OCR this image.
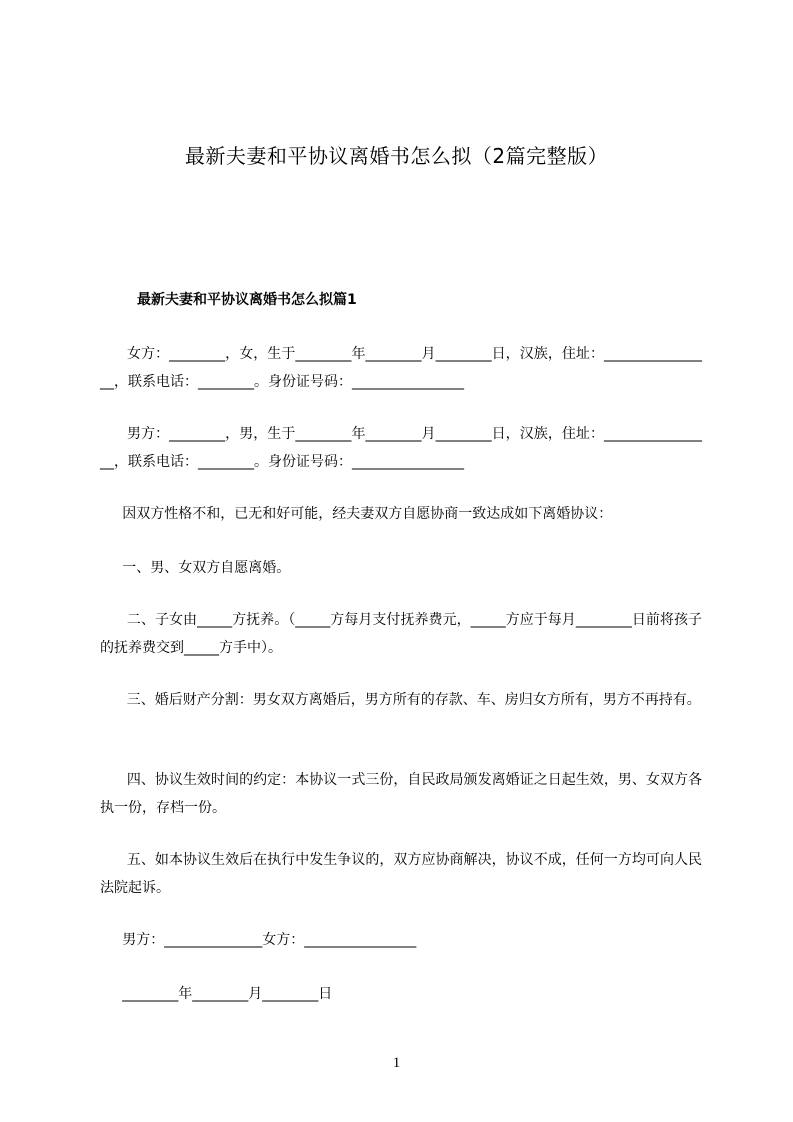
最新夫妻和平协议离婚书怎么拟（2篇完整版）
最新夫妻和平协议离婚书怎么拟篇1
女方：________，女，生于________年________月________日，汉族，住址：________________，联系电话：________。身份证号码：________________
男方：________，男，生于________年________月________日，汉族，住址：________________，联系电话：________。身份证号码：________________
因双方性格不和，已无和好可能，经夫妻双方自愿协商一致达成如下离婚协议：
一、男、女双方自愿离婚。
二、子女由_____方抚养。（_____方每月支付抚养费元，_____方应于每月________日前将孩子的抚养费交到_____方手中）。
三、婚后财产分割：男女双方离婚后，男方所有的存款、车、房归女方所有，男方不再持有。
四、协议生效时间的约定：本协议一式三份，自民政局颁发离婚证之日起生效，男、女双方各执一份，存档一份。
五、如本协议生效后在执行中发生争议的，双方应协商解决，协议不成，任何一方均可向人民法院起诉。
男方：______________女方：________________
________年________月________日
1
